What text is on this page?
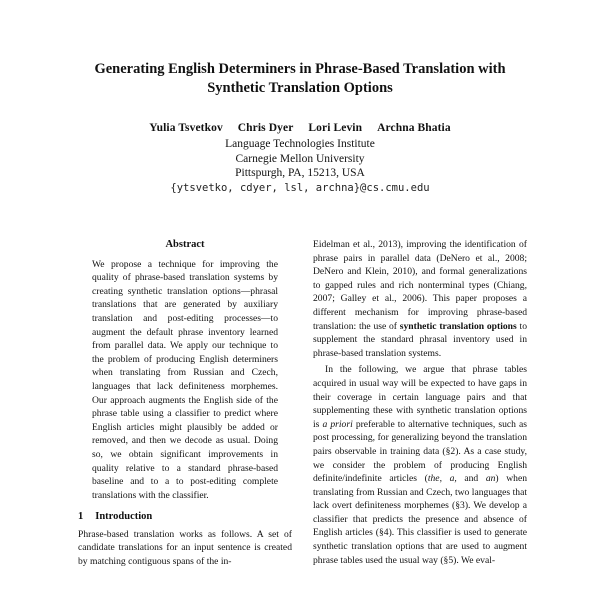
Generating English Determiners in Phrase-Based Translation with
Synthetic Translation Options
Yulia Tsvetkov Chris Dyer Lori Levin Archna Bhatia
Language Technologies Institute
Carnegie Mellon University
Pittspurgh, PA, 15213, USA
{ytsvetko, cdyer, lsl, archna}@cs.cmu.edu
Abstract

We propose a technique for improving the quality of phrase-based translation systems by creating synthetic translation options—phrasal translations that are generated by auxiliary translation and post-editing processes—to augment the default phrase inventory learned from parallel data. We apply our technique to the problem of producing English determiners when translating from Russian and Czech, languages that lack definiteness morphemes. Our approach augments the English side of the phrase table using a classifier to predict where English articles might plausibly be added or removed, and then we decode as usual. Doing so, we obtain significant improvements in quality relative to a standard phrase-based baseline and to a to post-editing complete translations with the classifier.

1 Introduction

Phrase-based translation works as follows. A set of candidate translations for an input sentence is created by matching contiguous spans of the in-

Eidelman et al., 2013), improving the identification of phrase pairs in parallel data (DeNero et al., 2008; DeNero and Klein, 2010), and formal generalizations to gapped rules and rich nonterminal types (Chiang, 2007; Galley et al., 2006). This paper proposes a different mechanism for improving phrase-based translation: the use of synthetic translation options to supplement the standard phrasal inventory used in phrase-based translation systems.

In the following, we argue that phrase tables acquired in usual way will be expected to have gaps in their coverage in certain language pairs and that supplementing these with synthetic translation options is a priori preferable to alternative techniques, such as post processing, for generalizing beyond the translation pairs observable in training data (§2). As a case study, we consider the problem of producing English definite/indefinite articles (the, a, and an) when translating from Russian and Czech, two languages that lack overt definiteness morphemes (§3). We develop a classifier that predicts the presence and absence of English articles (§4). This classifier is used to generate synthetic translation options that are used to augment phrase tables used the usual way (§5). We eval-
